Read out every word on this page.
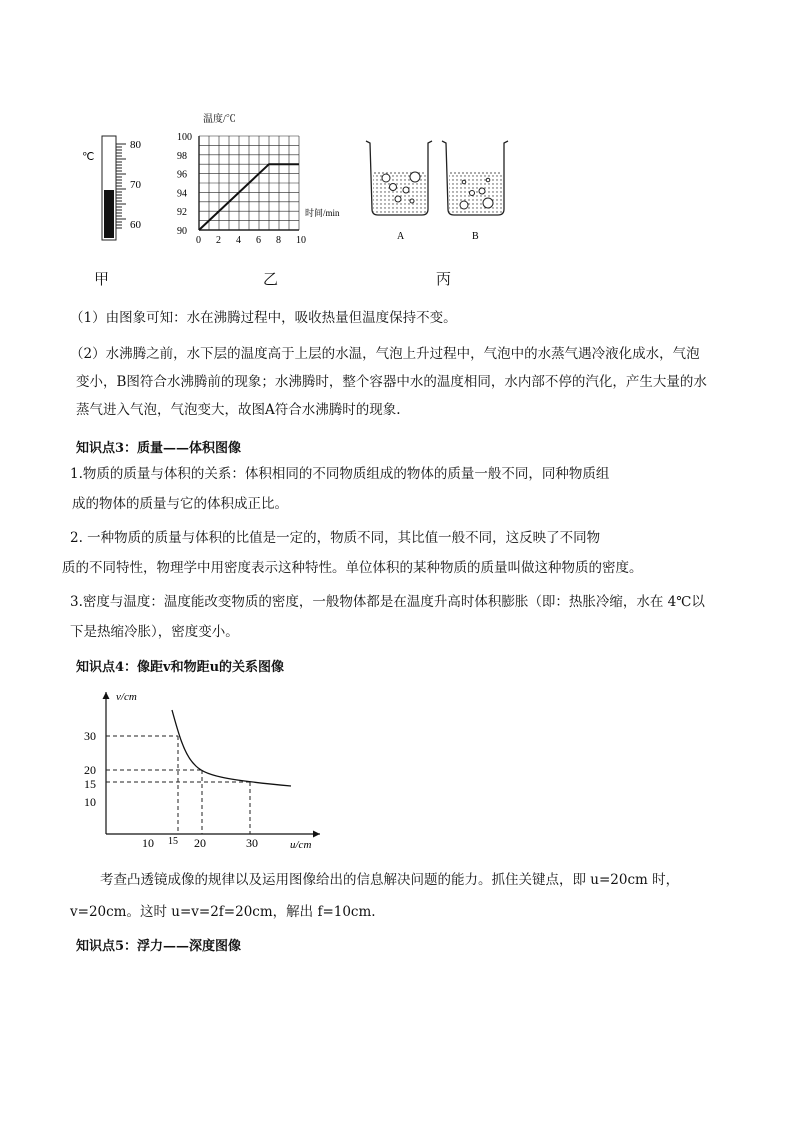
℃
80
70
60
温度/℃
时间/min
100
98
96
94
92
90
0 2 4 6 8 10	A	B
甲	乙	丙
（1）由图象可知：水在沸腾过程中，吸收热量但温度保持不变。
（2）水沸腾之前，水下层的温度高于上层的水温，气泡上升过程中，气泡中的水蒸气遇冷液化成水，气泡
变小，B图符合水沸腾前的现象；水沸腾时，整个容器中水的温度相同，水内部不停的汽化，产生大量的水
蒸气进入气泡，气泡变大，故图A符合水沸腾时的现象.
知识点3：质量——体积图像
1.物质的质量与体积的关系：体积相同的不同物质组成的物体的质量一般不同，同种物质组
成的物体的质量与它的体积成正比。
2. 一种物质的质量与体积的比值是一定的，物质不同，其比值一般不同，这反映了不同物
质的不同特性，物理学中用密度表示这种特性。单位体积的某种物质的质量叫做这种物质的密度。
3.密度与温度：温度能改变物质的密度，一般物体都是在温度升高时体积膨胀（即：热胀冷缩，水在 4℃以
下是热缩冷胀），密度变小。
知识点4：像距v和物距u的关系图像
v/cm
u/cm
30
20
15
10
10 15 20	30
考查凸透镜成像的规律以及运用图像给出的信息解决问题的能力。抓住关键点，即 u=20cm 时，
v=20cm。这时 u=v=2f=20cm，解出 f=10cm.
知识点5：浮力——深度图像
